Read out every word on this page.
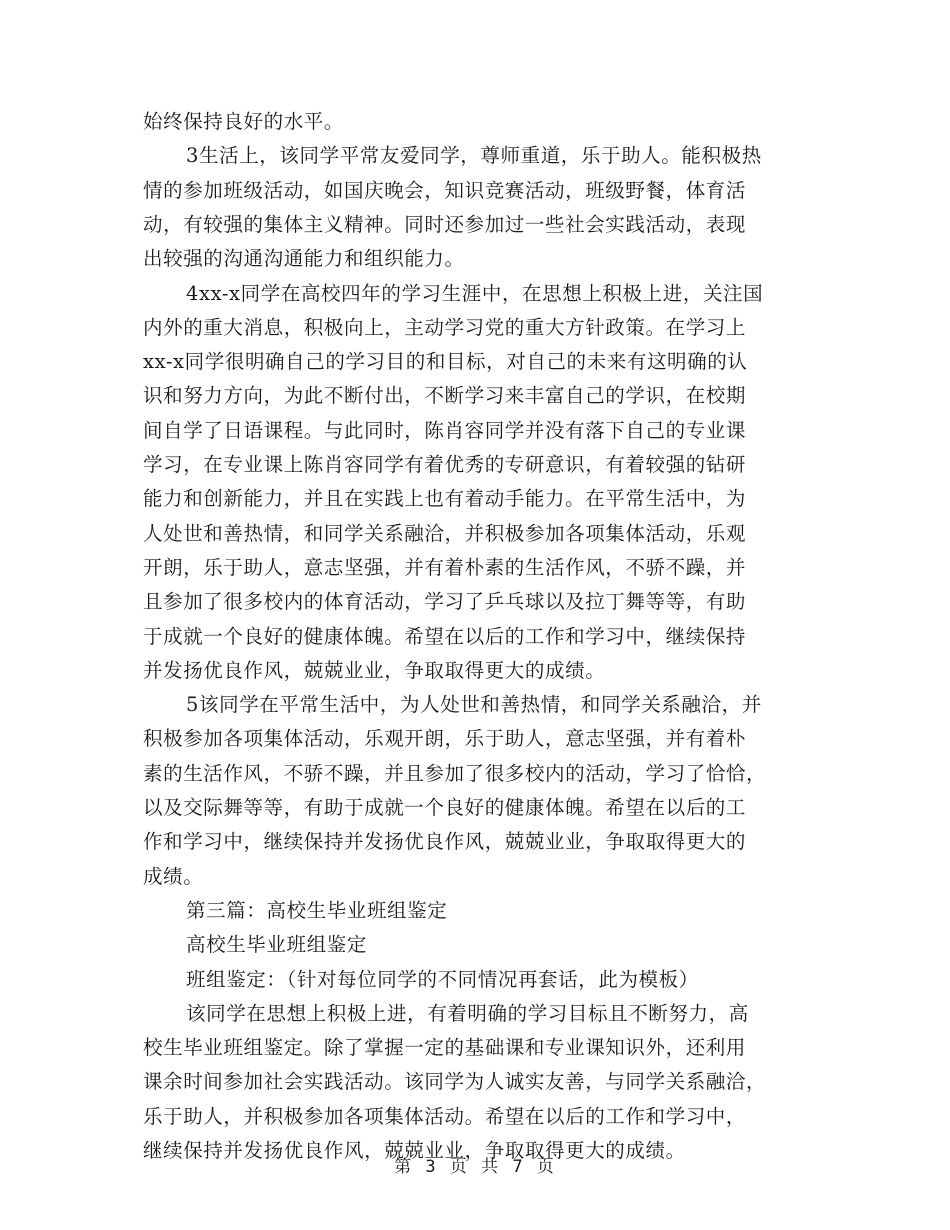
始终保持良好的水平。
3生活上，该同学平常友爱同学，尊师重道，乐于助人。能积极热
情的参加班级活动，如国庆晚会，知识竞赛活动，班级野餐，体育活
动，有较强的集体主义精神。同时还参加过一些社会实践活动，表现
出较强的沟通沟通能力和组织能力。
4xx-x同学在高校四年的学习生涯中，在思想上积极上进，关注国
内外的重大消息，积极向上，主动学习党的重大方针政策。在学习上
xx-x同学很明确自己的学习目的和目标，对自己的未来有这明确的认
识和努力方向，为此不断付出，不断学习来丰富自己的学识，在校期
间自学了日语课程。与此同时，陈肖容同学并没有落下自己的专业课
学习，在专业课上陈肖容同学有着优秀的专研意识，有着较强的钻研
能力和创新能力，并且在实践上也有着动手能力。在平常生活中，为
人处世和善热情，和同学关系融洽，并积极参加各项集体活动，乐观
开朗，乐于助人，意志坚强，并有着朴素的生活作风，不骄不躁，并
且参加了很多校内的体育活动，学习了乒乓球以及拉丁舞等等，有助
于成就一个良好的健康体魄。希望在以后的工作和学习中，继续保持
并发扬优良作风，兢兢业业，争取取得更大的成绩。
5该同学在平常生活中，为人处世和善热情，和同学关系融洽，并
积极参加各项集体活动，乐观开朗，乐于助人，意志坚强，并有着朴
素的生活作风，不骄不躁，并且参加了很多校内的活动，学习了恰恰，
以及交际舞等等，有助于成就一个良好的健康体魄。希望在以后的工
作和学习中，继续保持并发扬优良作风，兢兢业业，争取取得更大的
成绩。
第三篇：高校生毕业班组鉴定
高校生毕业班组鉴定
班组鉴定：（针对每位同学的不同情况再套话，此为模板）
该同学在思想上积极上进，有着明确的学习目标且不断努力，高
校生毕业班组鉴定。除了掌握一定的基础课和专业课知识外，还利用
课余时间参加社会实践活动。该同学为人诚实友善，与同学关系融洽，
乐于助人，并积极参加各项集体活动。希望在以后的工作和学习中，
继续保持并发扬优良作风，兢兢业业，争取取得更大的成绩。
第 3 页 共 7 页
